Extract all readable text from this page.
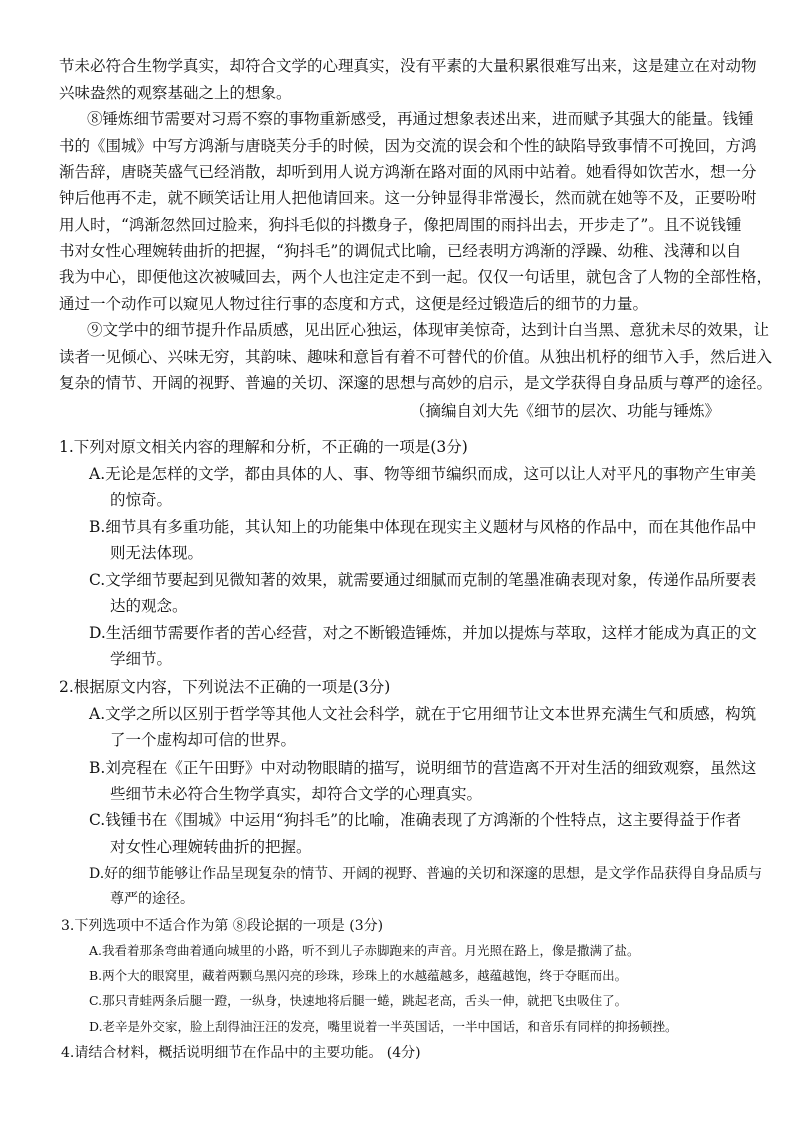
节未必符合生物学真实，却符合文学的心理真实，没有平素的大量积累很难写出来，这是建立在对动物
兴味盎然的观察基础之上的想象。
⑧锤炼细节需要对习焉不察的事物重新感受，再通过想象表述出来，进而赋予其强大的能量。钱锺
书的《围城》中写方鸿渐与唐晓芙分手的时候，因为交流的误会和个性的缺陷导致事情不可挽回，方鸿
渐告辞，唐晓芙盛气已经消散，却听到用人说方鸿渐在路对面的风雨中站着。她看得如饮苦水，想一分
钟后他再不走，就不顾笑话让用人把他请回来。这一分钟显得非常漫长，然而就在她等不及，正要吩咐
用人时，“鸿渐忽然回过脸来，狗抖毛似的抖擞身子，像把周围的雨抖出去，开步走了”。且不说钱锺
书对女性心理婉转曲折的把握，“狗抖毛”的调侃式比喻，已经表明方鸿渐的浮躁、幼稚、浅薄和以自
我为中心，即便他这次被喊回去，两个人也注定走不到一起。仅仅一句话里，就包含了人物的全部性格，
通过一个动作可以窥见人物过往行事的态度和方式，这便是经过锻造后的细节的力量。
⑨文学中的细节提升作品质感，见出匠心独运，体现审美惊奇，达到计白当黑、意犹未尽的效果，让
读者一见倾心、兴味无穷，其韵味、趣味和意旨有着不可替代的价值。从独出机杼的细节入手，然后进入
复杂的情节、开阔的视野、普遍的关切、深邃的思想与高妙的启示，是文学获得自身品质与尊严的途径。
（摘编自刘大先《细节的层次、功能与锤炼》
1.下列对原文相关内容的理解和分析，不正确的一项是(3分)
A.无论是怎样的文学，都由具体的人、事、物等细节编织而成，这可以让人对平凡的事物产生审美
的惊奇。
B.细节具有多重功能，其认知上的功能集中体现在现实主义题材与风格的作品中，而在其他作品中
则无法体现。
C.文学细节要起到见微知著的效果，就需要通过细腻而克制的笔墨准确表现对象，传递作品所要表
达的观念。
D.生活细节需要作者的苦心经营，对之不断锻造锤炼，并加以提炼与萃取，这样才能成为真正的文
学细节。
2.根据原文内容，下列说法不正确的一项是(3分)
A.文学之所以区别于哲学等其他人文社会科学，就在于它用细节让文本世界充满生气和质感，构筑
了一个虚构却可信的世界。
B.刘亮程在《正午田野》中对动物眼睛的描写，说明细节的营造离不开对生活的细致观察，虽然这
些细节未必符合生物学真实，却符合文学的心理真实。
C.钱锺书在《围城》中运用“狗抖毛”的比喻，准确表现了方鸿渐的个性特点，这主要得益于作者
对女性心理婉转曲折的把握。
D.好的细节能够让作品呈现复杂的情节、开阔的视野、普遍的关切和深邃的思想，是文学作品获得自身品质与
尊严的途径。
3.下列选项中不适合作为第 ⑧段论据的一项是 (3分)
A.我看着那条弯曲着通向城里的小路，听不到儿子赤脚跑来的声音。月光照在路上，像是撒满了盐。
B.两个大的眼窝里，藏着两颗乌黑闪亮的珍珠，珍珠上的水越蕴越多，越蕴越饱，终于夺眶而出。
C.那只青蛙两条后腿一蹬，一纵身，快速地将后腿一蜷，跳起老高，舌头一伸，就把飞虫吸住了。
D.老辛是外交家，脸上刮得油汪汪的发亮，嘴里说着一半英国话，一半中国话，和音乐有同样的抑扬顿挫。
4.请结合材料，概括说明细节在作品中的主要功能。 (4分)
